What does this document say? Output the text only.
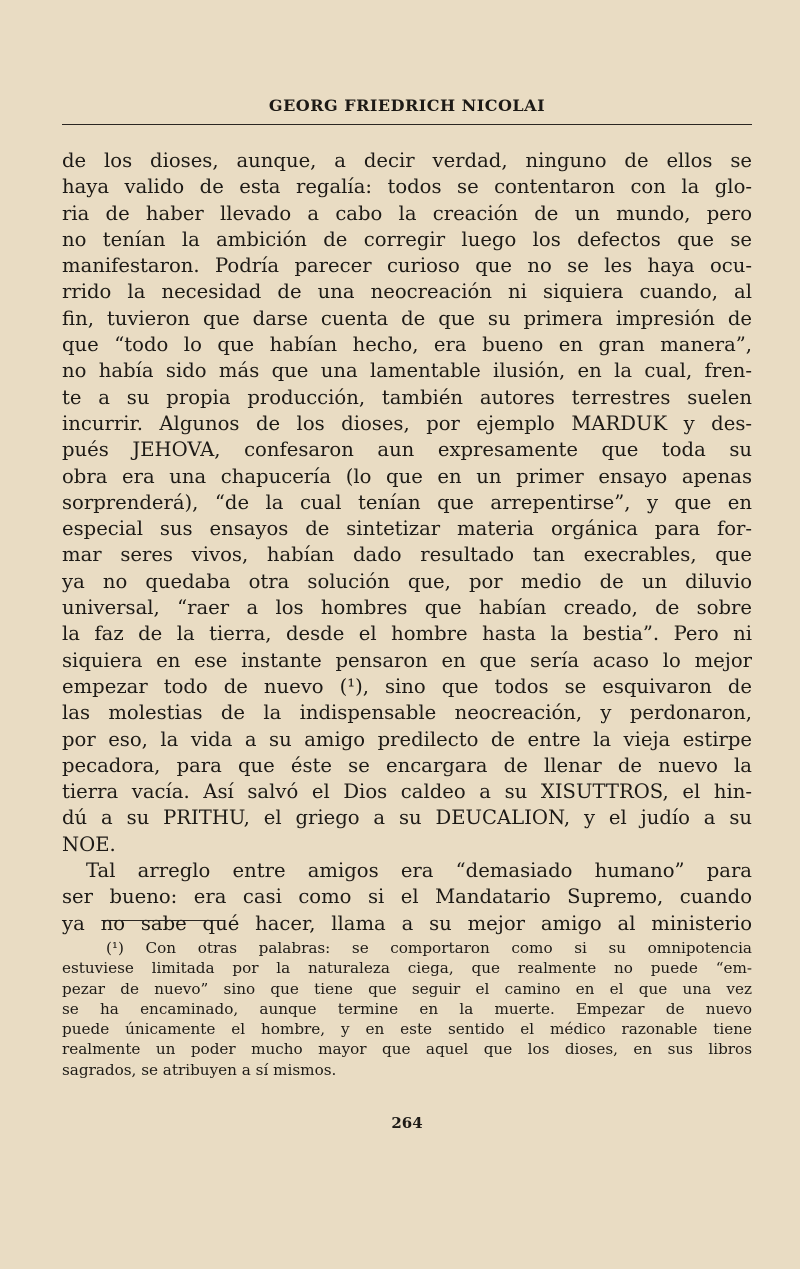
GEORG FRIEDRICH NICOLAI
de los dioses, aunque, a decir verdad, ninguno de ellos se
haya valido de esta regalía: todos se contentaron con la glo-
ria de haber llevado a cabo la creación de un mundo, pero
no tenían la ambición de corregir luego los defectos que se
manifestaron. Podría parecer curioso que no se les haya ocu-
rrido la necesidad de una neocreación ni siquiera cuando, al
fin, tuvieron que darse cuenta de que su primera impresión de
que “todo lo que habían hecho, era bueno en gran manera”,
no había sido más que una lamentable ilusión, en la cual, fren-
te a su propia producción, también autores terrestres suelen
incurrir. Algunos de los dioses, por ejemplo MARDUK y des-
pués JEHOVA, confesaron aun expresamente que toda su
obra era una chapucería (lo que en un primer ensayo apenas
sorprenderá), “de la cual tenían que arrepentirse”, y que en
especial sus ensayos de sintetizar materia orgánica para for-
mar seres vivos, habían dado resultado tan execrables, que
ya no quedaba otra solución que, por medio de un diluvio
universal, “raer a los hombres que habían creado, de sobre
la faz de la tierra, desde el hombre hasta la bestia”. Pero ni
siquiera en ese instante pensaron en que sería acaso lo mejor
empezar todo de nuevo (¹), sino que todos se esquivaron de
las molestias de la indispensable neocreación, y perdonaron,
por eso, la vida a su amigo predilecto de entre la vieja estirpe
pecadora, para que éste se encargara de llenar de nuevo la
tierra vacía. Así salvó el Dios caldeo a su XISUTTROS, el hin-
dú a su PRITHU, el griego a su DEUCALION, y el judío a su
NOE.
Tal arreglo entre amigos era “demasiado humano” para
ser bueno: era casi como si el Mandatario Supremo, cuando
ya no sabe qué hacer, llama a su mejor amigo al ministerio
(¹) Con otras palabras: se comportaron como si su omnipotencia
estuviese limitada por la naturaleza ciega, que realmente no puede “em-
pezar de nuevo” sino que tiene que seguir el camino en el que una vez
se ha encaminado, aunque termine en la muerte. Empezar de nuevo
puede únicamente el hombre, y en este sentido el médico razonable tiene
realmente un poder mucho mayor que aquel que los dioses, en sus libros
sagrados, se atribuyen a sí mismos.
264
